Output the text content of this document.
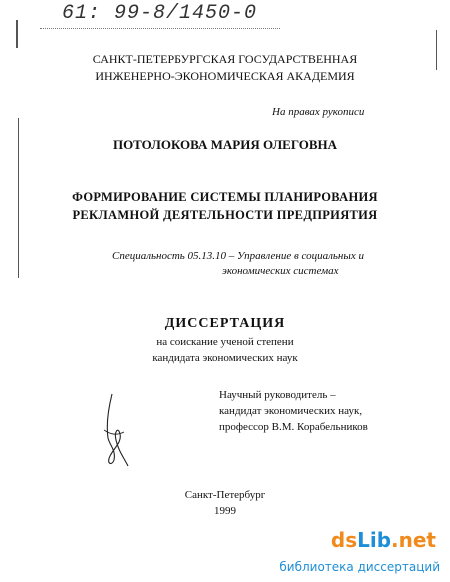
61: 99-8/1450-0
САНКТ-ПЕТЕРБУРГСКАЯ ГОСУДАРСТВЕННАЯ
ИНЖЕНЕРНО-ЭКОНОМИЧЕСКАЯ АКАДЕМИЯ
На правах рукописи
ПОТОЛОКОВА МАРИЯ ОЛЕГОВНА
ФОРМИРОВАНИЕ СИСТЕМЫ ПЛАНИРОВАНИЯ
РЕКЛАМНОЙ ДЕЯТЕЛЬНОСТИ ПРЕДПРИЯТИЯ
Специальность 05.13.10 – Управление в социальных и
экономических системах
ДИССЕРТАЦИЯ
на соискание ученой степени
кандидата экономических наук
Научный руководитель –
кандидат экономических наук,
профессор В.М. Корабельников
Санкт-Петербург
1999
dsLib.net
библиотека диссертаций
